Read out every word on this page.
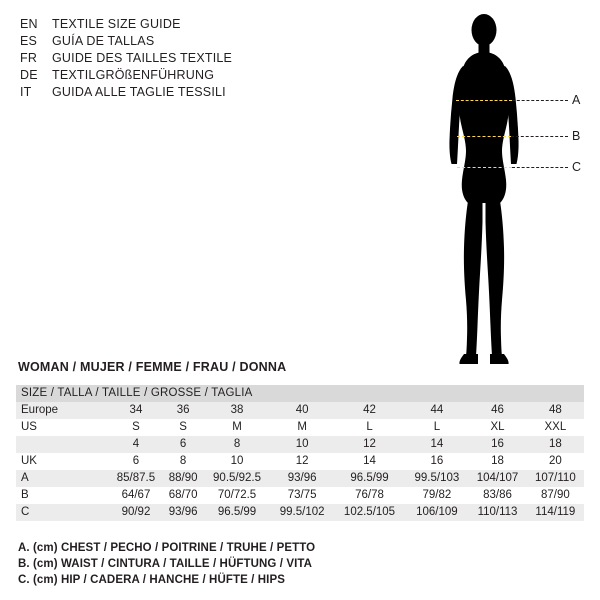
EN	TEXTILE SIZE GUIDE
ES	GUÍA DE TALLAS
FR	GUIDE DES TAILLES TEXTILE
DE	TEXTILGRÖßENFÜHRUNG
IT	GUIDA ALLE TAGLIE TESSILI
A
B
C
WOMAN / MUJER / FEMME / FRAU / DONNA
SIZE / TALLA / TAILLE / GROSSE / TAGLIA								
Europe	34	36	38	40	42	44	46	48
US	S	S	M	M	L	L	XL	XXL
	4	6	8	10	12	14	16	18
UK	6	8	10	12	14	16	18	20
A	85/87.5	88/90	90.5/92.5	93/96	96.5/99	99.5/103	104/107	107/110
B	64/67	68/70	70/72.5	73/75	76/78	79/82	83/86	87/90
C	90/92	93/96	96.5/99	99.5/102	102.5/105	106/109	110/113	114/119
A. (cm) CHEST / PECHO / POITRINE / TRUHE / PETTO
B. (cm) WAIST / CINTURA / TAILLE / HÜFTUNG / VITA
C. (cm) HIP / CADERA / HANCHE / HÜFTE / HIPS
